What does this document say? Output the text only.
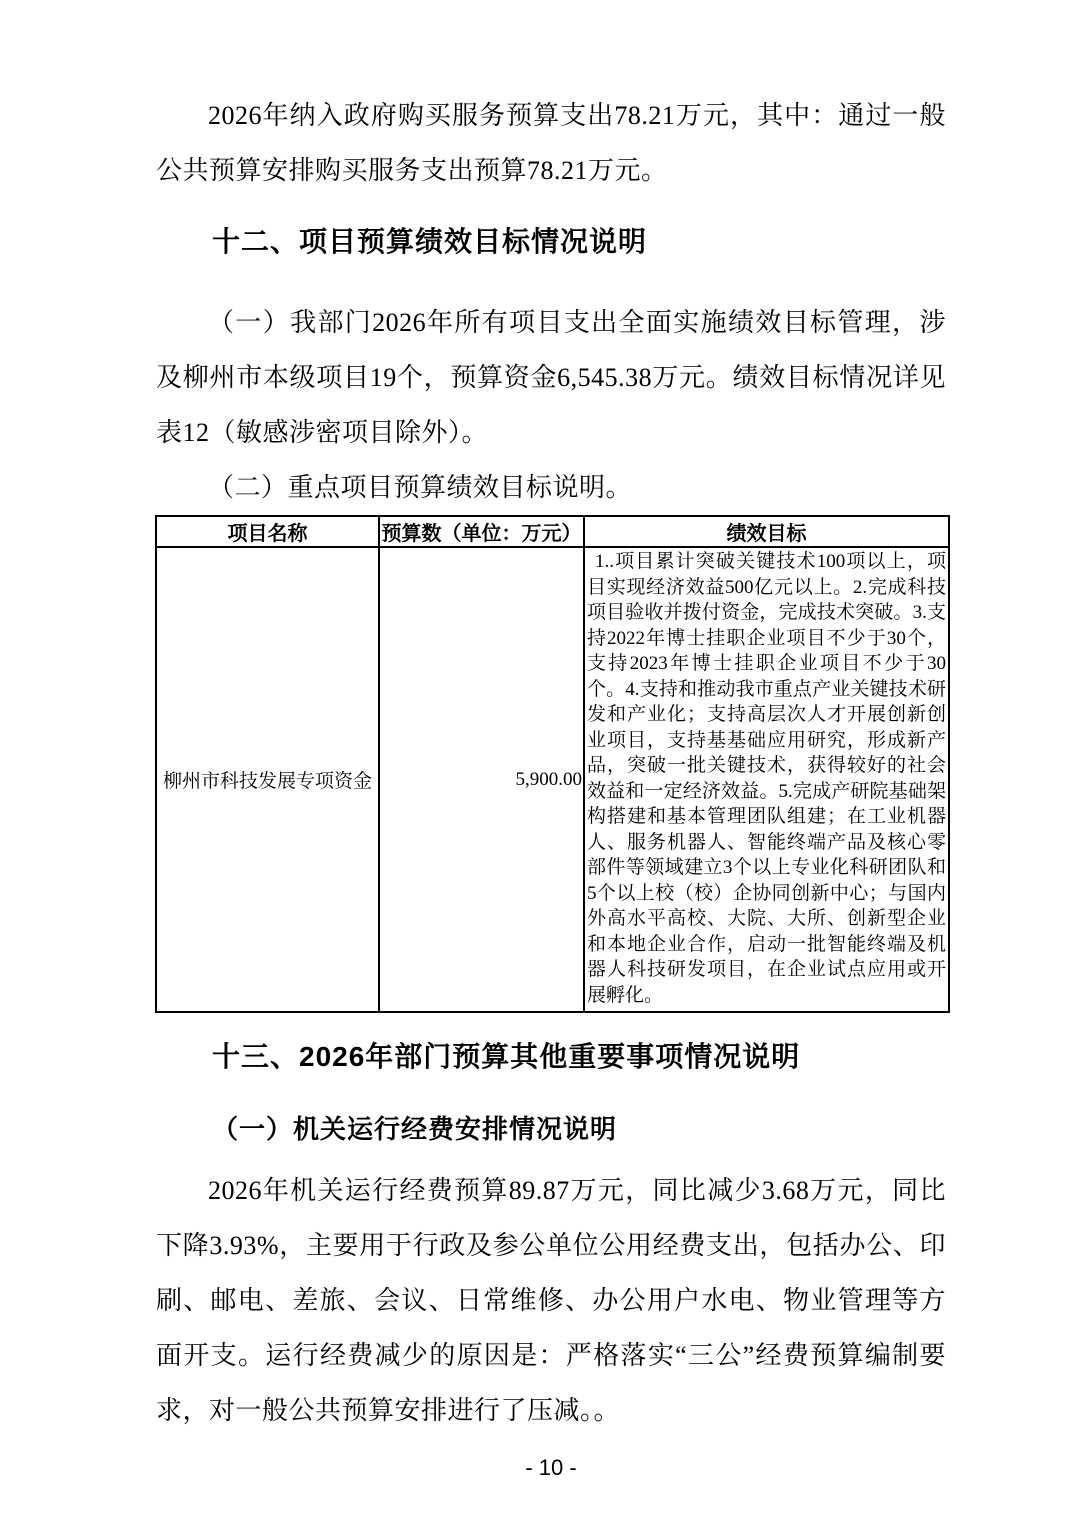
2026年纳入政府购买服务预算支出78.21万元，其中：通过一般公共预算安排购买服务支出预算78.21万元。

十二、项目预算绩效目标情况说明

（一）我部门2026年所有项目支出全面实施绩效目标管理，涉及柳州市本级项目19个，预算资金6,545.38万元。绩效目标情况详见表12（敏感涉密项目除外）。

（二）重点项目预算绩效目标说明。

项目名称	预算数（单位：万元）	绩效目标
柳州市科技发展专项资金	5,900.00	1..项目累计突破关键技术100项以上，项目实现经济效益500亿元以上。2.完成科技项目验收并拨付资金，完成技术突破。3.支持2022年博士挂职企业项目不少于30个，支持2023年博士挂职企业项目不少于30个。4.支持和推动我市重点产业关键技术研发和产业化；支持高层次人才开展创新创业项目，支持基基础应用研究，形成新产品，突破一批关键技术，获得较好的社会效益和一定经济效益。5.完成产研院基础架构搭建和基本管理团队组建；在工业机器人、服务机器人、智能终端产品及核心零部件等领域建立3个以上专业化科研团队和5个以上校（校）企协同创新中心；与国内外高水平高校、大院、大所、创新型企业和本地企业合作，启动一批智能终端及机器人科技研发项目，在企业试点应用或开展孵化。
十三、2026年部门预算其他重要事项情况说明
（一）机关运行经费安排情况说明

2026年机关运行经费预算89.87万元，同比减少3.68万元，同比下降3.93%，主要用于行政及参公单位公用经费支出，包括办公、印刷、邮电、差旅、会议、日常维修、办公用户水电、物业管理等方面开支。运行经费减少的原因是：严格落实“三公”经费预算编制要求，对一般公共预算安排进行了压减。。

- 10 -
